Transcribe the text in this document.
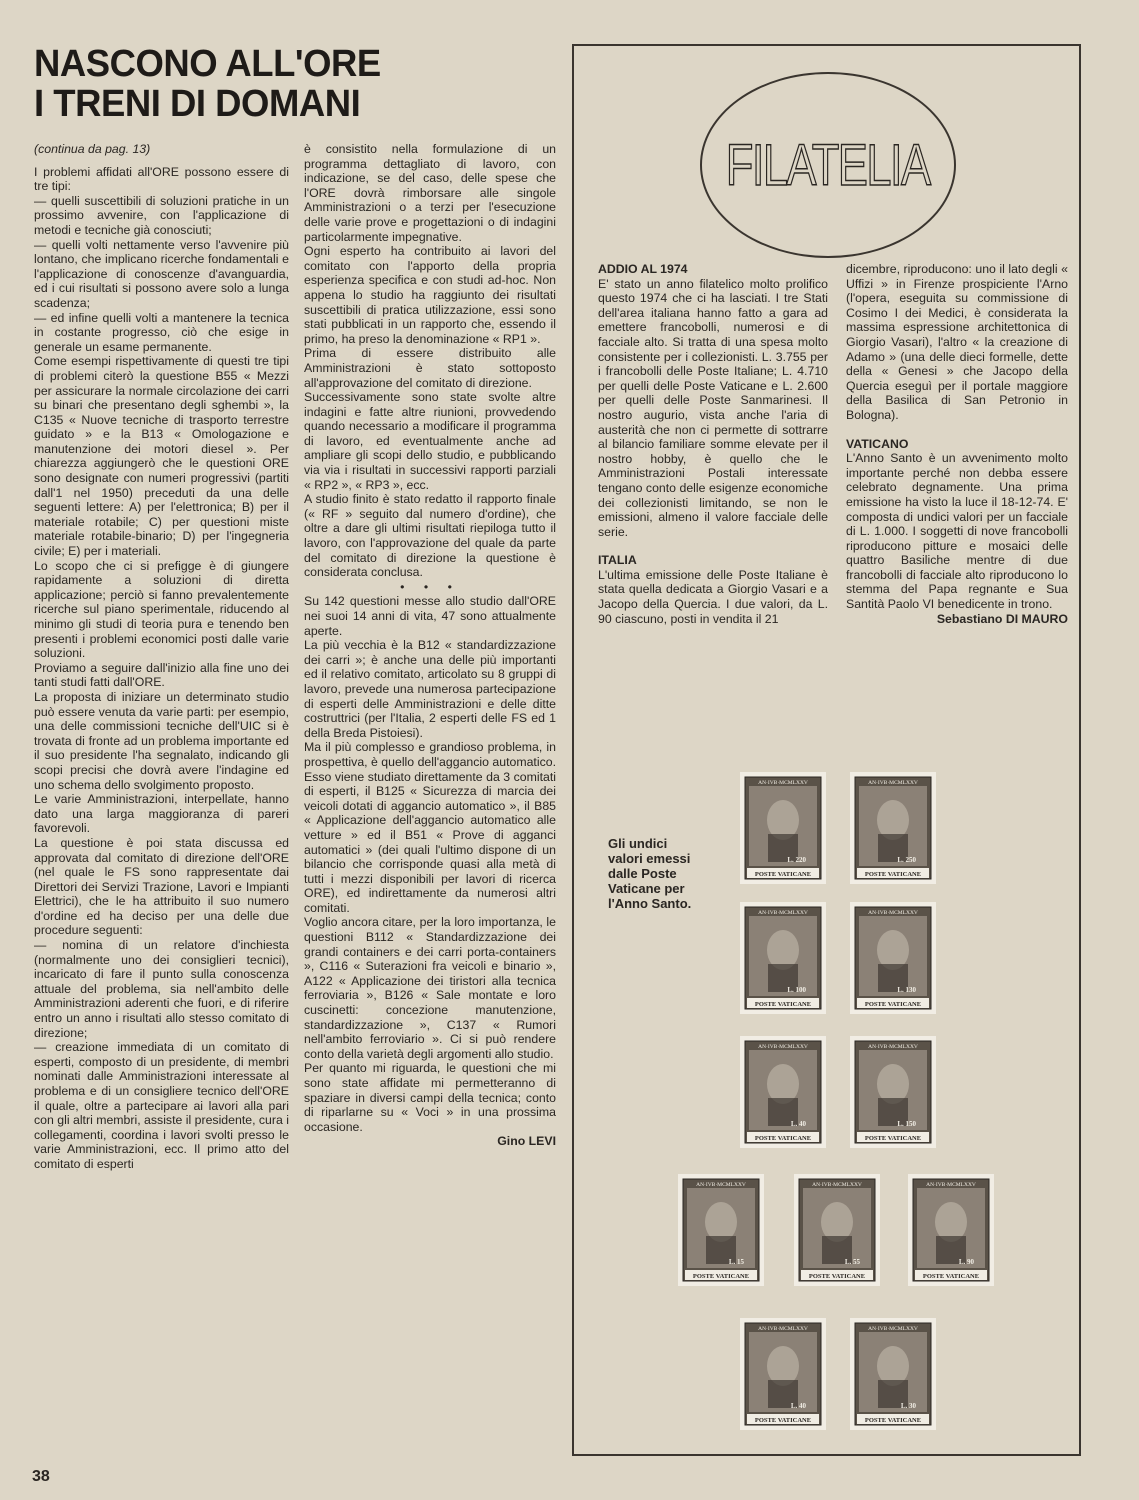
NASCONO ALL'ORE
I TRENI DI DOMANI

(continua da pag. 13)

I problemi affidati all'ORE possono essere di tre tipi:

— quelli suscettibili di soluzioni pratiche in un prossimo avvenire, con l'applicazione di metodi e tecniche già conosciuti;

— quelli volti nettamente verso l'avvenire più lontano, che implicano ricerche fondamentali e l'applicazione di conoscenze d'avanguardia, ed i cui risultati si possono avere solo a lunga scadenza;

— ed infine quelli volti a mantenere la tecnica in costante progresso, ciò che esige in generale un esame permanente.

Come esempi rispettivamente di questi tre tipi di problemi citerò la questione B55 « Mezzi per assicurare la normale circolazione dei carri su binari che presentano degli sghembi », la C135 « Nuove tecniche di trasporto terrestre guidato » e la B13 « Omologazione e manutenzione dei motori diesel ». Per chiarezza aggiungerò che le questioni ORE sono designate con numeri progressivi (partiti dall'1 nel 1950) preceduti da una delle seguenti lettere: A) per l'elettronica; B) per il materiale rotabile; C) per questioni miste materiale rotabile-binario; D) per l'ingegneria civile; E) per i materiali.

Lo scopo che ci si prefigge è di giungere rapidamente a soluzioni di diretta applicazione; perciò si fanno prevalentemente ricerche sul piano sperimentale, riducendo al minimo gli studi di teoria pura e tenendo ben presenti i problemi economici posti dalle varie soluzioni.

Proviamo a seguire dall'inizio alla fine uno dei tanti studi fatti dall'ORE.

La proposta di iniziare un determinato studio può essere venuta da varie parti: per esempio, una delle commissioni tecniche dell'UIC si è trovata di fronte ad un problema importante ed il suo presidente l'ha segnalato, indicando gli scopi precisi che dovrà avere l'indagine ed uno schema dello svolgimento proposto.

Le varie Amministrazioni, interpellate, hanno dato una larga maggioranza di pareri favorevoli.

La questione è poi stata discussa ed approvata dal comitato di direzione dell'ORE (nel quale le FS sono rappresentate dai Direttori dei Servizi Trazione, Lavori e Impianti Elettrici), che le ha attribuito il suo numero d'ordine ed ha deciso per una delle due procedure seguenti:

— nomina di un relatore d'inchiesta (normalmente uno dei consiglieri tecnici), incaricato di fare il punto sulla conoscenza attuale del problema, sia nell'ambito delle Amministrazioni aderenti che fuori, e di riferire entro un anno i risultati allo stesso comitato di direzione;

— creazione immediata di un comitato di esperti, composto di un presidente, di membri nominati dalle Amministrazioni interessate al problema e di un consigliere tecnico dell'ORE il quale, oltre a partecipare ai lavori alla pari con gli altri membri, assiste il presidente, cura i collegamenti, coordina i lavori svolti presso le varie Amministrazioni, ecc. Il primo atto del comitato di esperti

è consistito nella formulazione di un programma dettagliato di lavoro, con indicazione, se del caso, delle spese che l'ORE dovrà rimborsare alle singole Amministrazioni o a terzi per l'esecuzione delle varie prove e progettazioni o di indagini particolarmente impegnative.

Ogni esperto ha contribuito ai lavori del comitato con l'apporto della propria esperienza specifica e con studi ad-hoc. Non appena lo studio ha raggiunto dei risultati suscettibili di pratica utilizzazione, essi sono stati pubblicati in un rapporto che, essendo il primo, ha preso la denominazione « RP1 ».

Prima di essere distribuito alle Amministrazioni è stato sottoposto all'approvazione del comitato di direzione.

Successivamente sono state svolte altre indagini e fatte altre riunioni, provvedendo quando necessario a modificare il programma di lavoro, ed eventualmente anche ad ampliare gli scopi dello studio, e pubblicando via via i risultati in successivi rapporti parziali « RP2 », « RP3 », ecc.

A studio finito è stato redatto il rapporto finale (« RF » seguito dal numero d'ordine), che oltre a dare gli ultimi risultati riepiloga tutto il lavoro, con l'approvazione del quale da parte del comitato di direzione la questione è considerata conclusa.

• • •

Su 142 questioni messe allo studio dall'ORE nei suoi 14 anni di vita, 47 sono attualmente aperte.

La più vecchia è la B12 « standardizzazione dei carri »; è anche una delle più importanti ed il relativo comitato, articolato su 8 gruppi di lavoro, prevede una numerosa partecipazione di esperti delle Amministrazioni e delle ditte costruttrici (per l'Italia, 2 esperti delle FS ed 1 della Breda Pistoiesi).

Ma il più complesso e grandioso problema, in prospettiva, è quello dell'aggancio automatico. Esso viene studiato direttamente da 3 comitati di esperti, il B125 « Sicurezza di marcia dei veicoli dotati di aggancio automatico », il B85 « Applicazione dell'aggancio automatico alle vetture » ed il B51 « Prove di agganci automatici » (dei quali l'ultimo dispone di un bilancio che corrisponde quasi alla metà di tutti i mezzi disponibili per lavori di ricerca ORE), ed indirettamente da numerosi altri comitati.

Voglio ancora citare, per la loro importanza, le questioni B112 « Standardizzazione dei grandi containers e dei carri porta-containers », C116 « Suterazioni fra veicoli e binario », A122 « Applicazione dei tiristori alla tecnica ferroviaria », B126 « Sale montate e loro cuscinetti: concezione manutenzione, standardizzazione », C137 « Rumori nell'ambito ferroviario ». Ci si può rendere conto della varietà degli argomenti allo studio.

Per quanto mi riguarda, le questioni che mi sono state affidate mi permetteranno di spaziare in diversi campi della tecnica; conto di riparlarne su « Voci » in una prossima occasione.

Gino LEVI

FILATELIA

ADDIO AL 1974

E' stato un anno filatelico molto prolifico questo 1974 che ci ha lasciati. I tre Stati dell'area italiana hanno fatto a gara ad emettere francobolli, numerosi e di facciale alto. Si tratta di una spesa molto consistente per i collezionisti. L. 3.755 per i francobolli delle Poste Italiane; L. 4.710 per quelli delle Poste Vaticane e L. 2.600 per quelli delle Poste Sanmarinesi. Il nostro augurio, vista anche l'aria di austerità che non ci permette di sottrarre al bilancio familiare somme elevate per il nostro hobby, è quello che le Amministrazioni Postali interessate tengano conto delle esigenze economiche dei collezionisti limitando, se non le emissioni, almeno il valore facciale delle serie.

ITALIA

L'ultima emissione delle Poste Italiane è stata quella dedicata a Giorgio Vasari e a Jacopo della Quercia. I due valori, da L. 90 ciascuno, posti in vendita il 21

dicembre, riproducono: uno il lato degli « Uffizi » in Firenze prospiciente l'Arno (l'opera, eseguita su commissione di Cosimo I dei Medici, è considerata la massima espressione architettonica di Giorgio Vasari), l'altro « la creazione di Adamo » (una delle dieci formelle, dette della « Genesi » che Jacopo della Quercia eseguì per il portale maggiore della Basilica di San Petronio in Bologna).

VATICANO

L'Anno Santo è un avvenimento molto importante perché non debba essere celebrato degnamente. Una prima emissione ha visto la luce il 18-12-74. E' composta di undici valori per un facciale di L. 1.000. I soggetti di nove francobolli riproducono pitture e mosaici delle quattro Basiliche mentre di due francobolli di facciale alto riproducono lo stemma del Papa regnante e Sua Santità Paolo VI benedicente in trono.

Sebastiano DI MAURO

Gli undici valori emessi dalle Poste Vaticane per l'Anno Santo.
AN·IVB·MCMLXXV
POSTE VATICANE
L. 220
AN·IVB·MCMLXXV
POSTE VATICANE
L. 250
AN·IVB·MCMLXXV
POSTE VATICANE
L. 100
AN·IVB·MCMLXXV
POSTE VATICANE
L. 130
AN·IVB·MCMLXXV
POSTE VATICANE
L. 40
AN·IVB·MCMLXXV
POSTE VATICANE
L. 150
AN·IVB·MCMLXXV
POSTE VATICANE
L. 15
AN·IVB·MCMLXXV
POSTE VATICANE
L. 55
AN·IVB·MCMLXXV
POSTE VATICANE
L. 90
AN·IVB·MCMLXXV
POSTE VATICANE
L. 40
AN·IVB·MCMLXXV
POSTE VATICANE
L. 30
38
